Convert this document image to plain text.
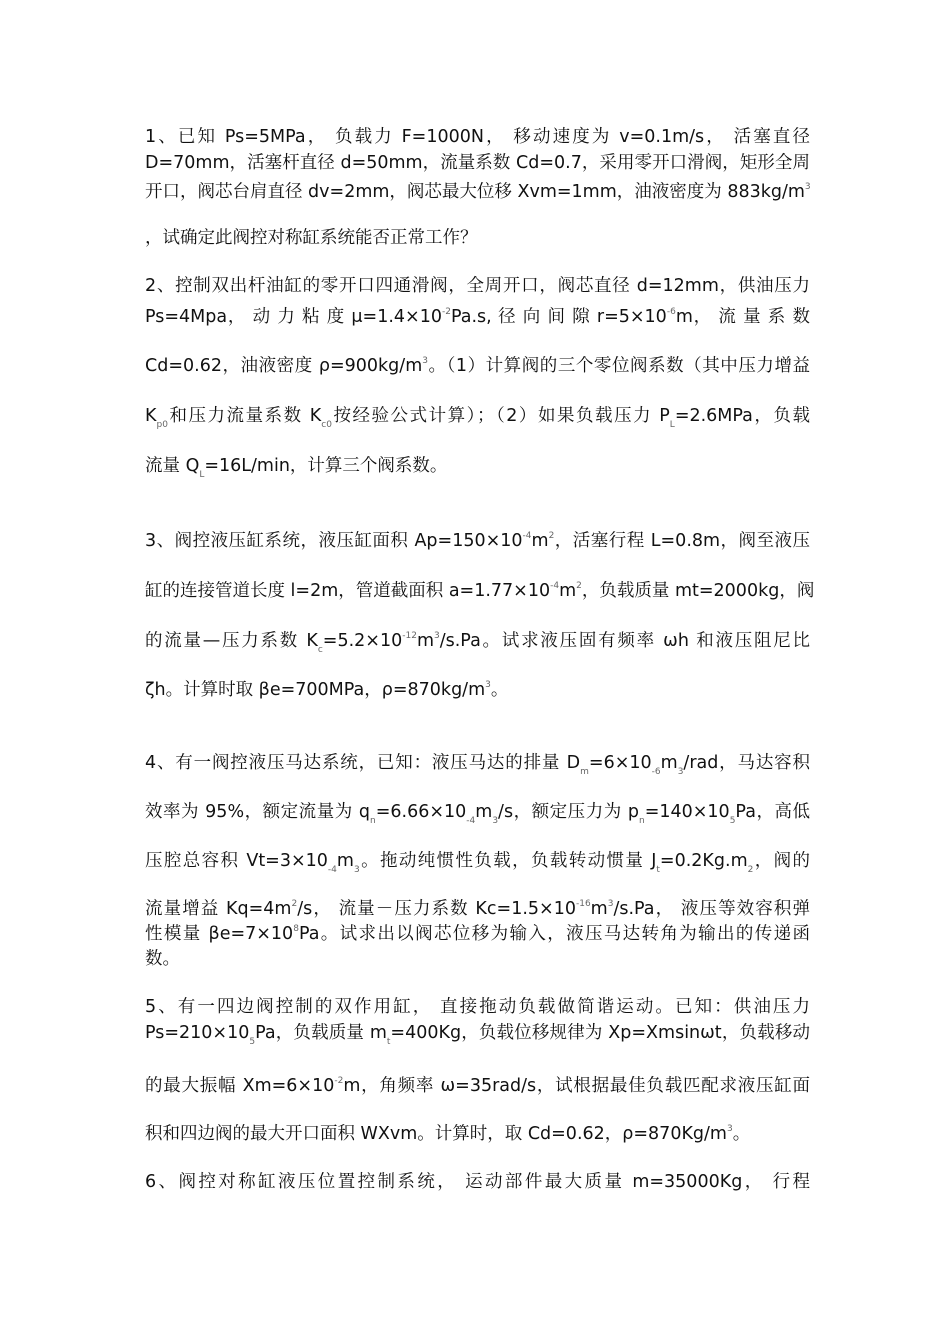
1、已知 Ps=5MPa， 负载力 F=1000N， 移动速度为 v=0.1m/s， 活塞直径
D=70mm，活塞杆直径 d=50mm，流量系数 Cd=0.7，采用零开口滑阀，矩形全周
开口，阀芯台肩直径 dv=2mm，阀芯最大位移 Xvm=1mm，油液密度为 $883kg/m^3$
，试确定此阀控对称缸系统能否正常工作？
2、控制双出杆油缸的零开口四通滑阀，全周开口，阀芯直径 d=12mm，供油压力
Ps=4Mpa， 动 力 粘 度 $\mu=1.4\times 10^{-2}Pa.s$, 径 向 间 隙 $r=5\times 10^{-6}m$， 流 量 系 数
Cd=0.62，油液密度 $\rho=900kg/m^3$。（1）计算阀的三个零位阀系数（其中压力增益
$K_{p0}$和压力流量系数 $K_{c0}$按经验公式计算）；（2）如果负载压力 $P_L=2.6MPa$，负载
流量 $Q_L=16L/\min$，计算三个阀系数。
3、阀控液压缸系统，液压缸面积 $Ap=150\times 10^{-4}m^2$，活塞行程 L=0.8m，阀至液压
缸的连接管道长度 l=2m，管道截面积 $a=1.77\times 10^{-4}m^2$，负载质量 mt=2000kg，阀
的流量—压力系数 $K_c=5.2\times 10^{-12}m^3/s.Pa$。试求液压固有频率 ωh 和液压阻尼比
ζh。计算时取 βe=700MPa，$\rho=870kg/m^3$。
4、有一阀控液压马达系统，已知：液压马达的排量 $D_m=6\times 10_{-6}m_3$/rad，马达容积
效率为 95%，额定流量为 $q_n=6.66\times 10_{-4}m_3/s$，额定压力为 $p_n=140\times 10_5Pa$，高低
压腔总容积 $Vt=3\times 10_{-4}m_3$。拖动纯惯性负载，负载转动惯量 $J_t=0.2Kg.m_2$，阀的
流量增益 $Kq=4m^2/s$， 流量－压力系数 $Kc=1.5\times 10^{-16}m^3/s.Pa$， 液压等效容积弹
性模量 $\beta e=7\times 10^8Pa$。试求出以阀芯位移为输入，液压马达转角为输出的传递函
数。
5、有一四边阀控制的双作用缸， 直接拖动负载做简谐运动。已知：供油压力
$Ps=210\times 10_5Pa$，负载质量 $m_t=400Kg$，负载位移规律为 Xp=Xmsinωt，负载移动
的最大振幅 $Xm=6\times 10^{-2}m$，角频率 ω=35rad/s，试根据最佳负载匹配求液压缸面
积和四边阀的最大开口面积 WXvm。计算时，取 Cd=0.62，$\rho=870Kg/m^3$。
6、阀控对称缸液压位置控制系统， 运动部件最大质量 m=35000Kg， 行程
